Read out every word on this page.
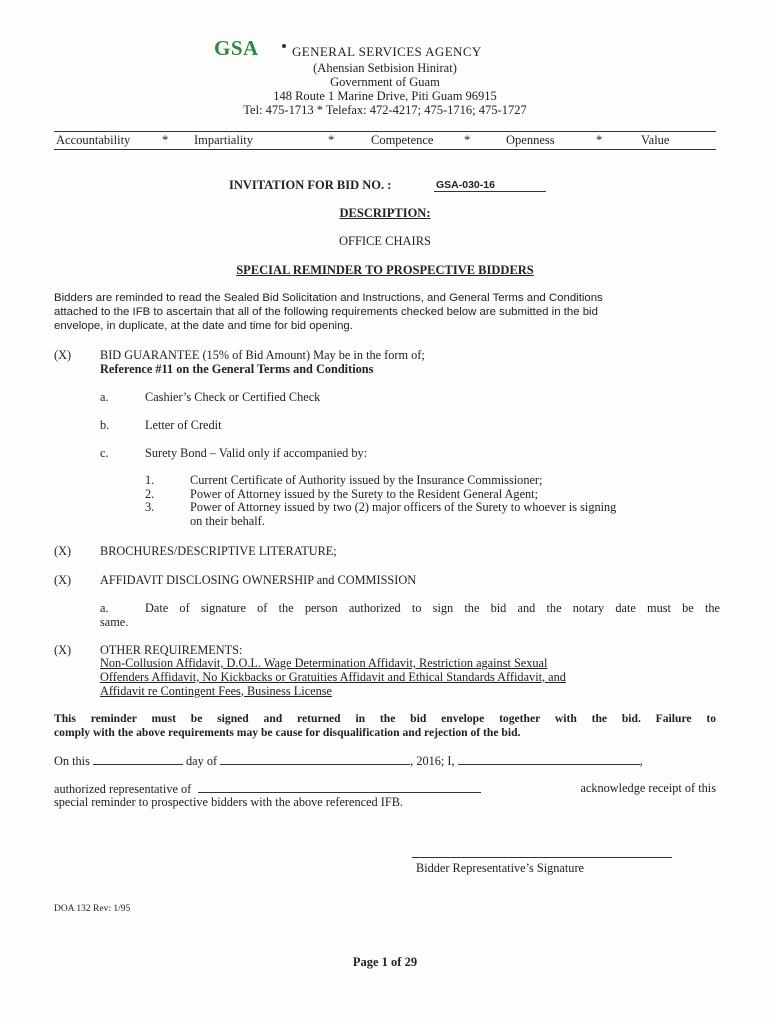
GSA	GENERAL SERVICES AGENCY
(Ahensian Setbision Hinirat)
Government of Guam
148 Route 1 Marine Drive, Piti Guam 96915
Tel: 475-1713 * Telefax: 472-4217; 475-1716; 475-1727
Accountability	* Impartiality	*	Competence *	Openness	*	Value
INVITATION FOR BID NO. :	GSA-030-16
DESCRIPTION:
OFFICE CHAIRS
SPECIAL REMINDER TO PROSPECTIVE BIDDERS
Bidders are reminded to read the Sealed Bid Solicitation and Instructions, and General Terms and Conditions
attached to the IFB to ascertain that all of the following requirements checked below are submitted in the bid
envelope, in duplicate, at the date and time for bid opening.
(X) BID GUARANTEE (15% of Bid Amount) May be in the form of;
Reference #11 on the General Terms and Conditions
a.	Cashier’s Check or Certified Check
b.	Letter of Credit
c.	Surety Bond – Valid only if accompanied by:
1.	Current Certificate of Authority issued by the Insurance Commissioner;
2.	Power of Attorney issued by the Surety to the Resident General Agent;
3.	Power of Attorney issued by two (2) major officers of the Surety to whoever is signing
on their behalf.
(X) BROCHURES/DESCRIPTIVE LITERATURE;
(X) AFFIDAVIT DISCLOSING OWNERSHIP and COMMISSION
a.	Date of signature of the person authorized to sign the bid and the notary date must be the
same.
(X) OTHER REQUIREMENTS:
Non-Collusion Affidavit, D.O.L. Wage Determination Affidavit, Restriction against Sexual
Offenders Affidavit, No Kickbacks or Gratuities Affidavit and Ethical Standards Affidavit, and
Affidavit re Contingent Fees, Business License
This reminder must be signed and returned in the bid envelope together with the bid. Failure to
comply with the above requirements may be cause for disqualification and rejection of the bid.
On this	day of	, 2016; I,	,
authorized representative of	acknowledge receipt of this
special reminder to prospective bidders with the above referenced IFB.
Bidder Representative’s Signature
DOA 132 Rev: 1/95
Page 1 of 29
